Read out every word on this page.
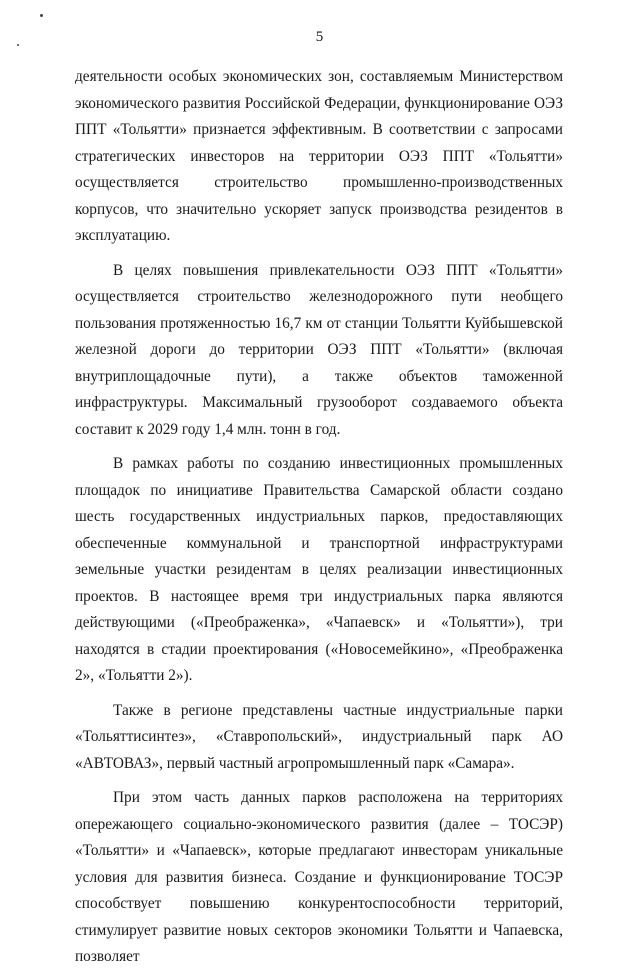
5

деятельности особых экономических зон, составляемым Министерством экономического развития Российской Федерации, функционирование ОЭЗ ППТ «Тольятти» признается эффективным. В соответствии с запросами стратегических инвесторов на территории ОЭЗ ППТ «Тольятти» осуществляется строительство промышленно-производственных корпусов, что значительно ускоряет запуск производства резидентов в эксплуатацию.

В целях повышения привлекательности ОЭЗ ППТ «Тольятти» осуществляется строительство железнодорожного пути необщего пользования протяженностью 16,7 км от станции Тольятти Куйбышевской железной дороги до территории ОЭЗ ППТ «Тольятти» (включая внутриплощадочные пути), а также объектов таможенной инфраструктуры. Максимальный грузооборот создаваемого объекта составит к 2029 году 1,4 млн. тонн в год.

В рамках работы по созданию инвестиционных промышленных площадок по инициативе Правительства Самарской области создано шесть государственных индустриальных парков, предоставляющих обеспеченные коммунальной и транспортной инфраструктурами земельные участки резидентам в целях реализации инвестиционных проектов. В настоящее время три индустриальных парка являются действующими («Преображенка», «Чапаевск» и «Тольятти»), три находятся в стадии проектирования («Новосемейкино», «Преображенка 2», «Тольятти 2»).

Также в регионе представлены частные индустриальные парки «Тольяттисинтез», «Ставропольский», индустриальный парк АО «АВТОВАЗ», первый частный агропромышленный парк «Самара».

При этом часть данных парков расположена на территориях опережающего социально-экономического развития (далее – ТОСЭР) «Тольятти» и «Чапаевск», которые предлагают инвесторам уникальные условия для развития бизнеса. Создание и функционирование ТОСЭР способствует повышению конкурентоспособности территорий, стимулирует развитие новых секторов экономики Тольятти и Чапаевска, позволяет
